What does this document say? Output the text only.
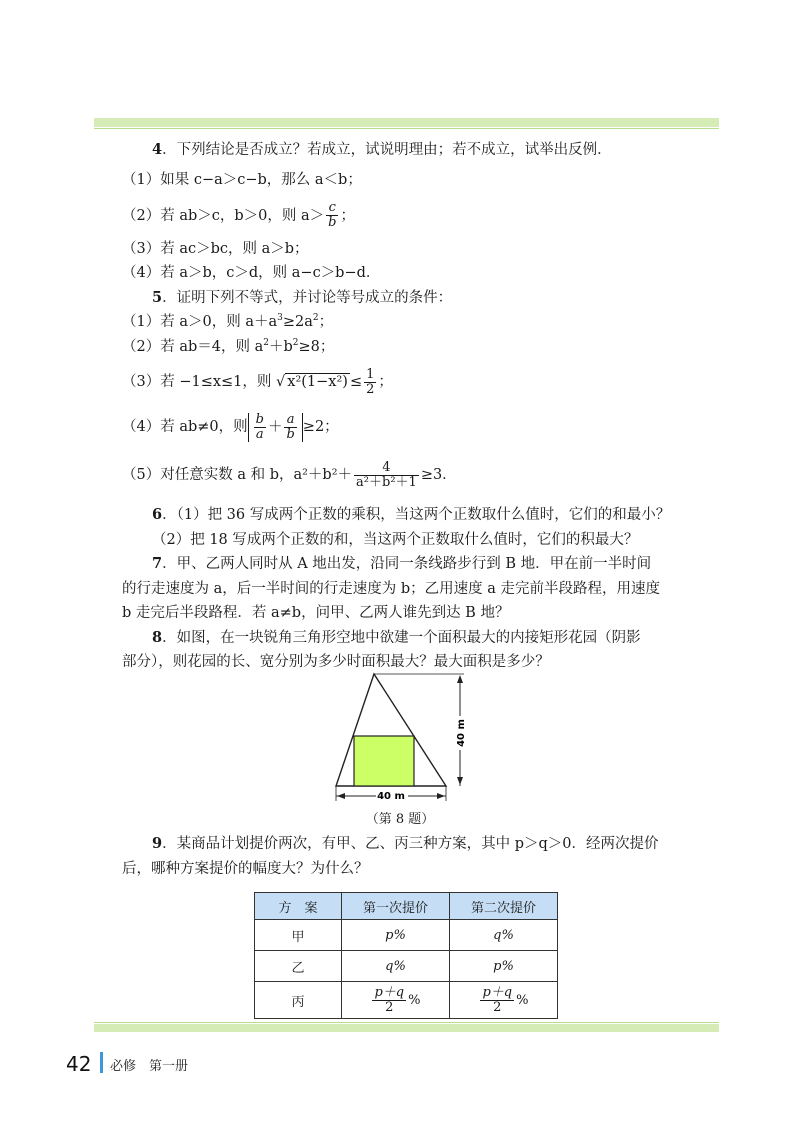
4．下列结论是否成立？若成立，试说明理由；若不成立，试举出反例．
（1）如果 c−a＞c−b，那么 a＜b；
（2）若 ab＞c，b＞0，则 $a> \frac{c}{b}$ ；
（3）若 ac＞bc，则 a＞b；
（4）若 a＞b，c＞d，则 a−c＞b−d．
5．证明下列不等式，并讨论等号成立的条件：
（1）若 a＞0，则 $a+a^3\ge 2a^2$；
（2）若 ab＝4，则 $a^2+b^2\ge 8$；
（3）若 −1≤x≤1，则 √ $x^2(1-x^2) \le \frac{1}{2}$ ；
（4）若 ab≠0，则 $\frac{b}{a} + \frac{a}{b} \ge 2$；
（5）对任意实数 a 和 b，$a^2+b^2+ \frac{4}{\text{a²＋b²＋1}} \ge 3$．
6．（1）把 36 写成两个正数的乘积，当这两个正数取什么值时，它们的和最小？
（2）把 18 写成两个正数的和，当这两个正数取什么值时，它们的积最大？
7．甲、乙两人同时从 A 地出发，沿同一条线路步行到 B 地．甲在前一半时间
的行走速度为 a，后一半时间的行走速度为 b；乙用速度 a 走完前半段路程，用速度
b 走完后半段路程．若 a≠b，问甲、乙两人谁先到达 B 地？
8．如图，在一块锐角三角形空地中欲建一个面积最大的内接矩形花园（阴影
部分），则花园的长、宽分别为多少时面积最大？最大面积是多少？
40 m
40 m
（第 8 题）
9．某商品计划提价两次，有甲、乙、丙三种方案，其中 p＞q＞0．经两次提价
后，哪种方案提价的幅度大？为什么？
方　案	第一次提价	第二次提价
甲	p%	q%
乙	q%	p%
丙	$\frac{p+q}{2}$ %	$\frac{p+q}{2}$ %
42 必修　第一册
